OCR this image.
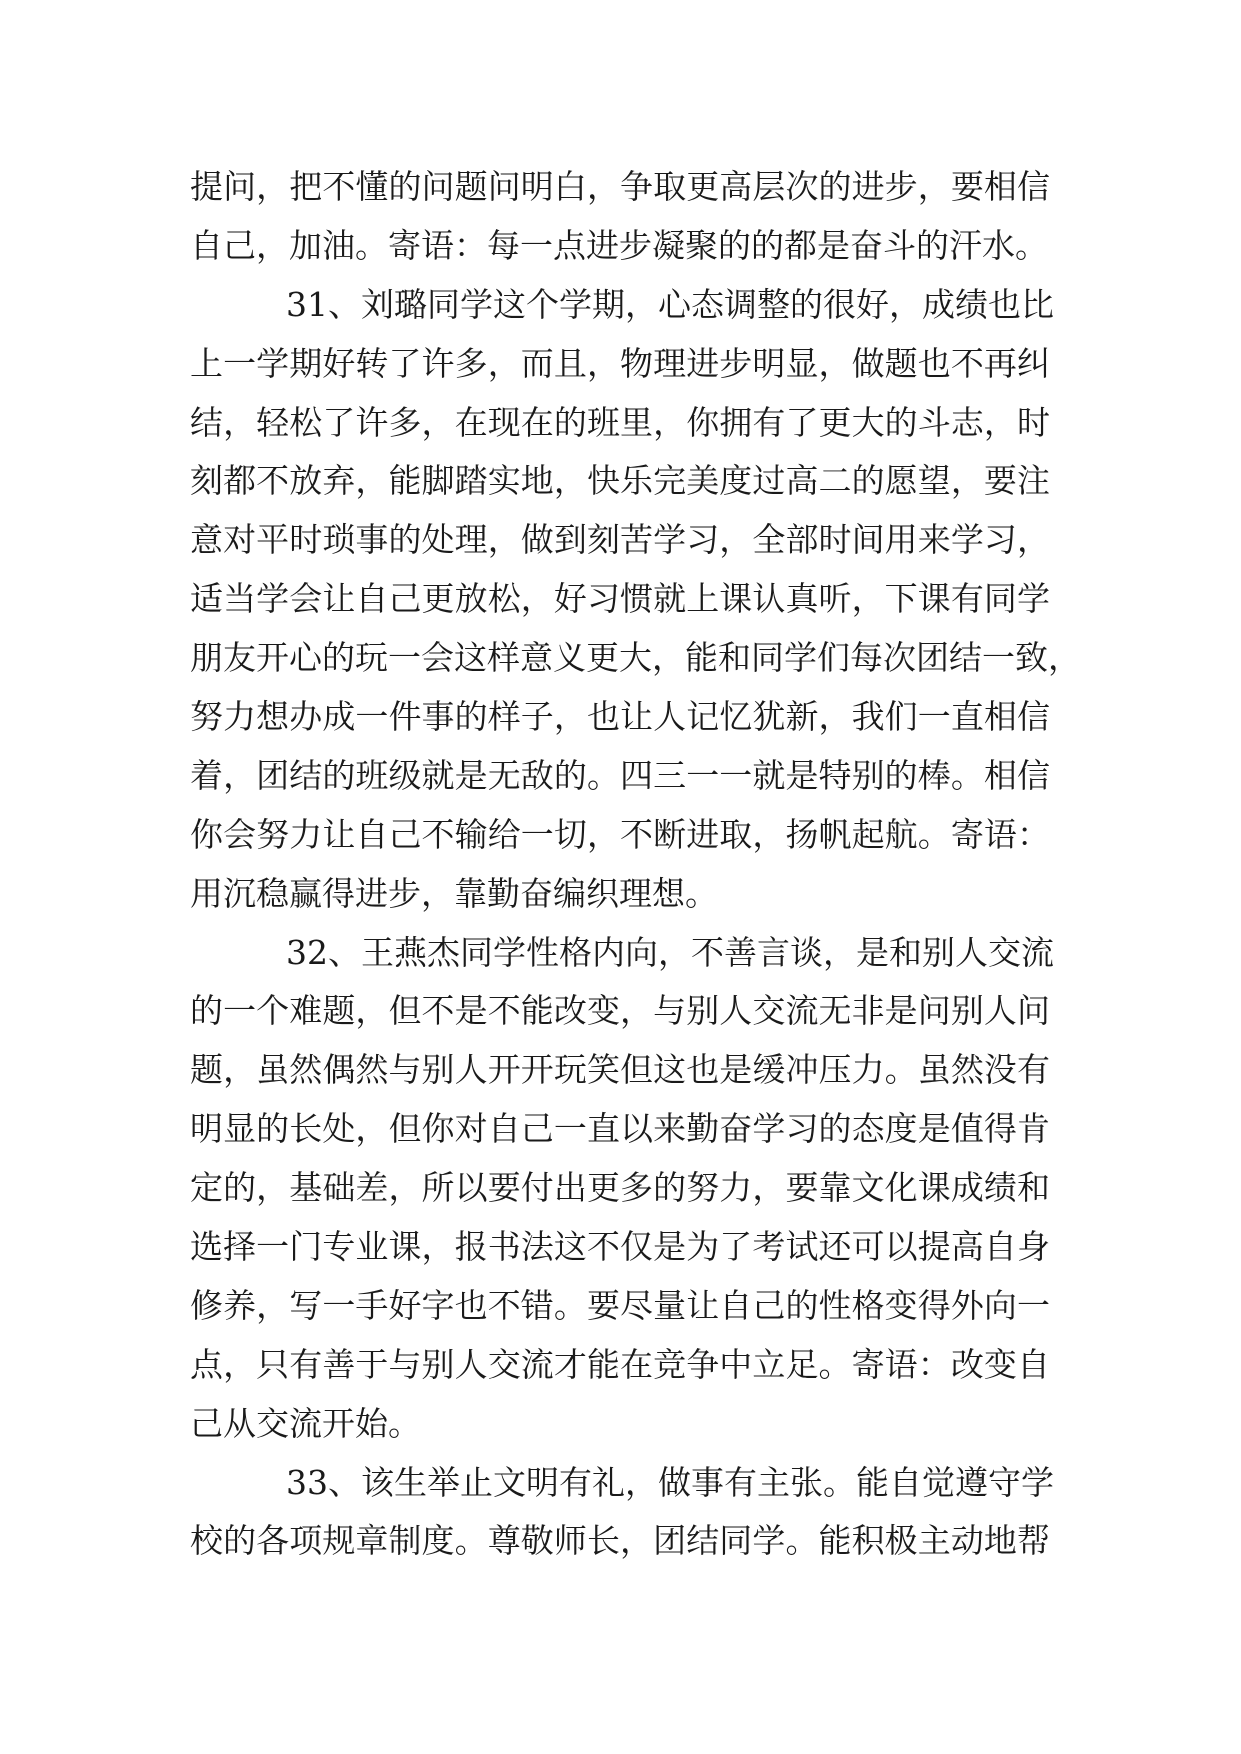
提问，把不懂的问题问明白，争取更高层次的进步，要相信
自己，加油。寄语：每一点进步凝聚的的都是奋斗的汗水。
31、刘璐同学这个学期，心态调整的很好，成绩也比
上一学期好转了许多，而且，物理进步明显，做题也不再纠
结，轻松了许多，在现在的班里，你拥有了更大的斗志，时
刻都不放弃，能脚踏实地，快乐完美度过高二的愿望，要注
意对平时琐事的处理，做到刻苦学习，全部时间用来学习，
适当学会让自己更放松，好习惯就上课认真听，下课有同学
朋友开心的玩一会这样意义更大，能和同学们每次团结一致，
努力想办成一件事的样子，也让人记忆犹新，我们一直相信
着，团结的班级就是无敌的。四三一一就是特别的棒。相信
你会努力让自己不输给一切，不断进取，扬帆起航。寄语：
用沉稳赢得进步，靠勤奋编织理想。
32、王燕杰同学性格内向，不善言谈，是和别人交流
的一个难题，但不是不能改变，与别人交流无非是问别人问
题，虽然偶然与别人开开玩笑但这也是缓冲压力。虽然没有
明显的长处，但你对自己一直以来勤奋学习的态度是值得肯
定的，基础差，所以要付出更多的努力，要靠文化课成绩和
选择一门专业课，报书法这不仅是为了考试还可以提高自身
修养，写一手好字也不错。要尽量让自己的性格变得外向一
点，只有善于与别人交流才能在竞争中立足。寄语：改变自
己从交流开始。
33、该生举止文明有礼，做事有主张。能自觉遵守学
校的各项规章制度。尊敬师长，团结同学。能积极主动地帮
